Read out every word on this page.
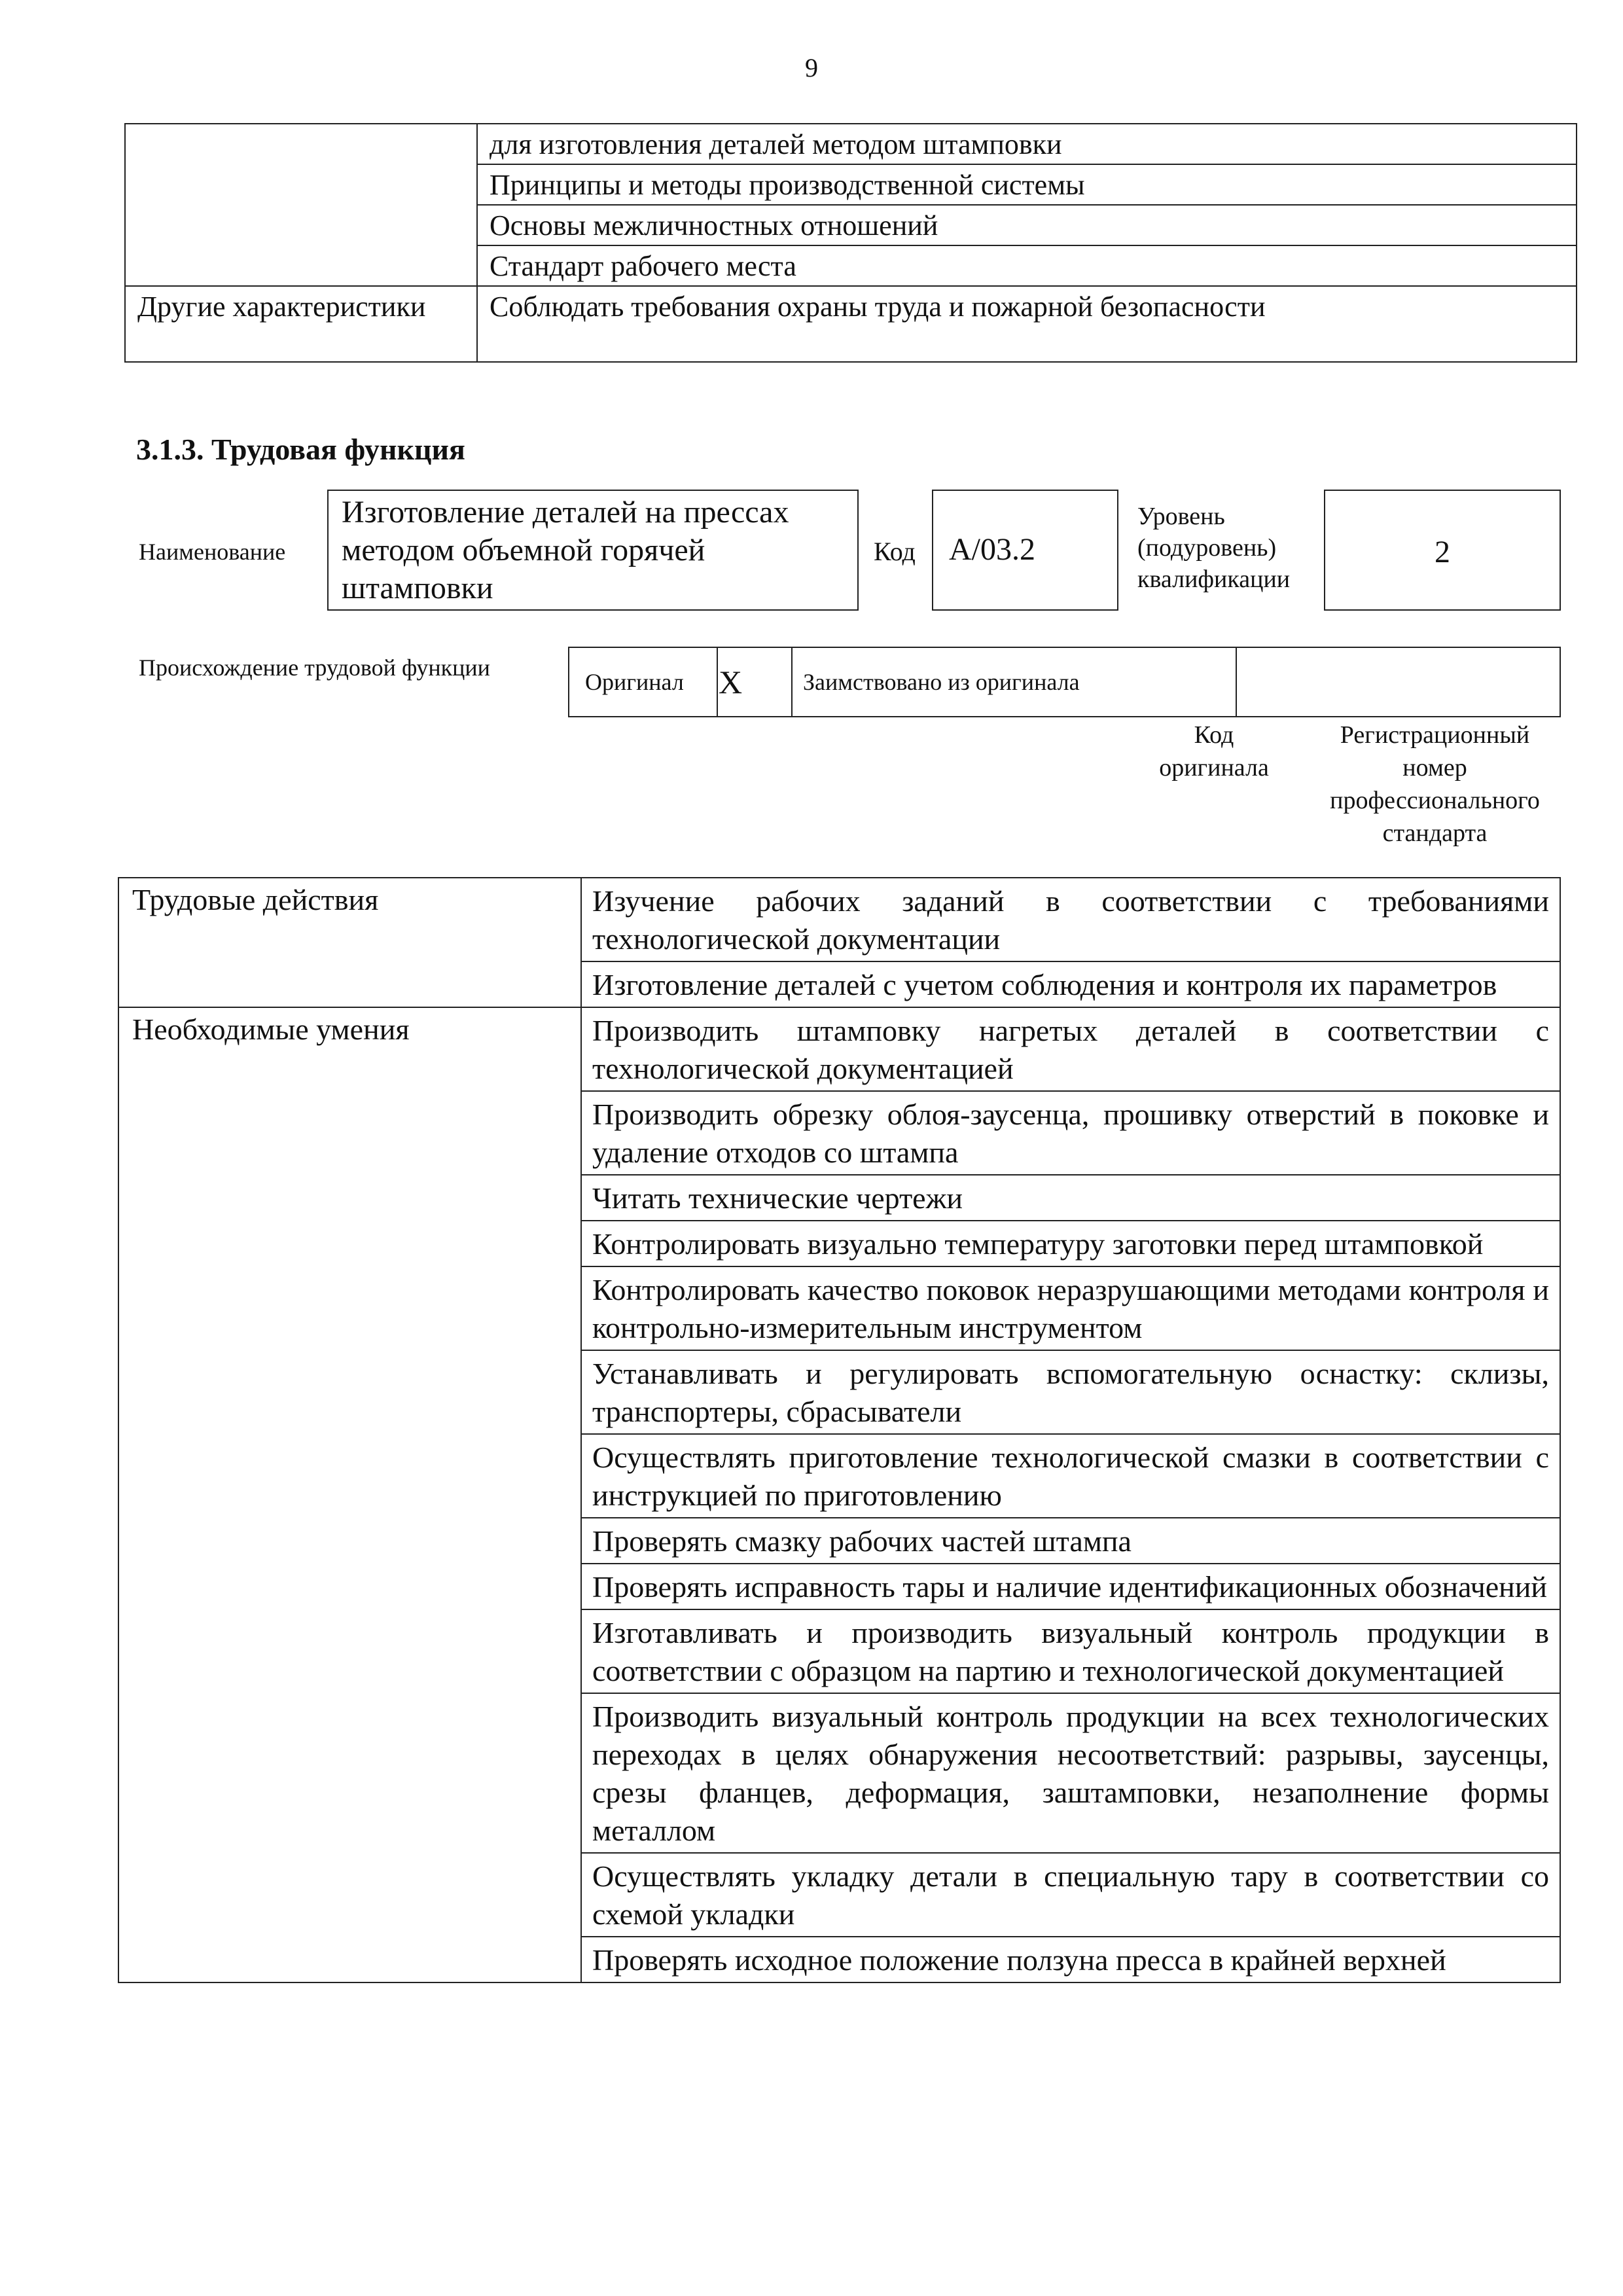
9
	для изготовления деталей методом штамповки
	Принципы и методы производственной системы
	Основы межличностных отношений
	Стандарт рабочего места
Другие характеристики	Соблюдать требования охраны труда и пожарной безопасности
3.1.3. Трудовая функция
Наименование
Изготовление деталей на прессах методом объемной горячей штамповки
Код	А/03.2
Уровень (подуровень) квалификации
2
Происхождение трудовой функции
Оригинал	X	Заимствовано из оригинала	
Код оригинала
Регистрационный номер профессионального стандарта
Трудовые действия	Изучение рабочих заданий в соответствии с требованиями технологической документации
	Изготовление деталей с учетом соблюдения и контроля их параметров
Необходимые умения	Производить штамповку нагретых деталей в соответствии с технологической документацией
	Производить обрезку облоя-заусенца, прошивку отверстий в поковке и удаление отходов со штампа
	Читать технические чертежи
	Контролировать визуально температуру заготовки перед штамповкой
	Контролировать качество поковок неразрушающими методами контроля и контрольно-измерительным инструментом
	Устанавливать и регулировать вспомогательную оснастку: склизы, транспортеры, сбрасыватели
	Осуществлять приготовление технологической смазки в соответствии с инструкцией по приготовлению
	Проверять смазку рабочих частей штампа
	Проверять исправность тары и наличие идентификационных обозначений
	Изготавливать и производить визуальный контроль продукции в соответствии с образцом на партию и технологической документацией
	Производить визуальный контроль продукции на всех технологических переходах в целях обнаружения несоответствий: разрывы, заусенцы, срезы фланцев, деформация, заштамповки, незаполнение формы металлом
	Осуществлять укладку детали в специальную тару в соответствии со схемой укладки
	Проверять исходное положение ползуна пресса в крайней верхней
